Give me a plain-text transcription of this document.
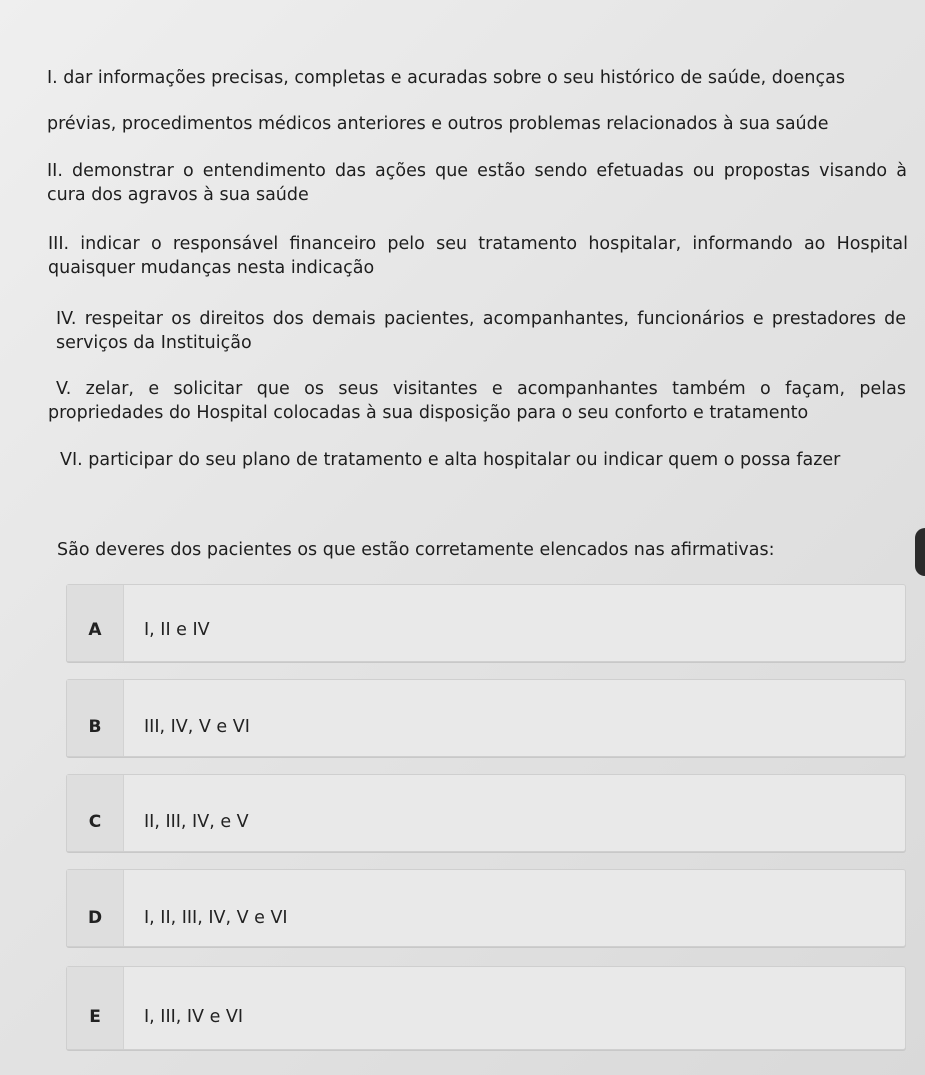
I. dar informações precisas, completas e acuradas sobre o seu histórico de saúde, doenças
prévias, procedimentos médicos anteriores e outros problemas relacionados à sua saúde

II. demonstrar o entendimento das ações que estão sendo efetuadas ou propostas visando à
cura dos agravos à sua saúde

III. indicar o responsável financeiro pelo seu tratamento hospitalar, informando ao Hospital
quaisquer mudanças nesta indicação

IV. respeitar os direitos dos demais pacientes, acompanhantes, funcionários e prestadores de
serviços da Instituição

V. zelar, e solicitar que os seus visitantes e acompanhantes também o façam, pelas
propriedades do Hospital colocadas à sua disposição para o seu conforto e tratamento

VI. participar do seu plano de tratamento e alta hospitalar ou indicar quem o possa fazer

São deveres dos pacientes os que estão corretamente elencados nas afirmativas:
A	I, II e IV
B	III, IV, V e VI
C	II, III, IV, e V
D	I, II, III, IV, V e VI
E	I, III, IV e VI
